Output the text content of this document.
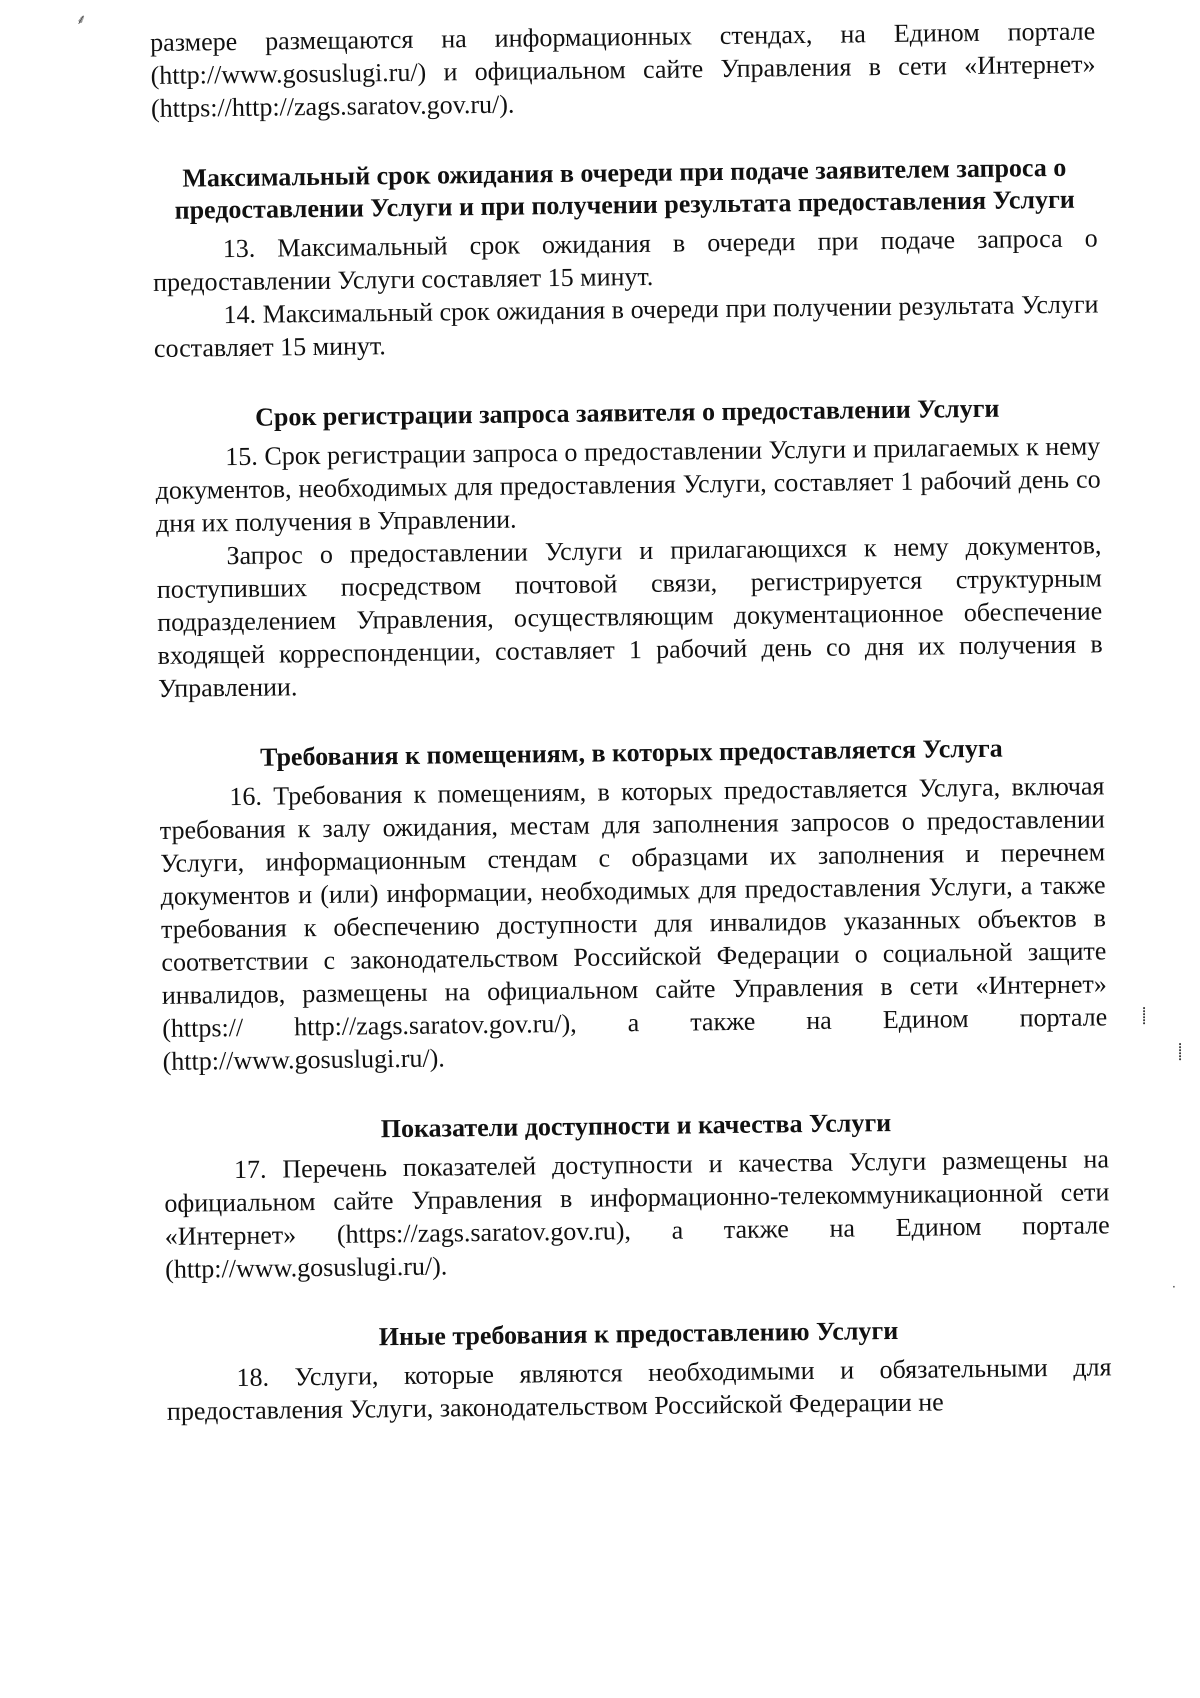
⸙
⸽
⸽
·

размере размещаются на информационных стендах, на Едином портале (http://www.gosuslugi.ru/) и официальном сайте Управления в сети «Интернет» (https://http://zags.saratov.gov.ru/).

Максимальный срок ожидания в очереди при подаче заявителем запроса о предоставлении Услуги и при получении результата предоставления Услуги

13. Максимальный срок ожидания в очереди при подаче запроса о предоставлении Услуги составляет 15 минут.

14. Максимальный срок ожидания в очереди при получении результата Услуги составляет 15 минут.

Срок регистрации запроса заявителя о предоставлении Услуги

15. Срок регистрации запроса о предоставлении Услуги и прилагаемых к нему документов, необходимых для предоставления Услуги, составляет 1 рабочий день со дня их получения в Управлении.

Запрос о предоставлении Услуги и прилагающихся к нему документов, поступивших посредством почтовой связи, регистрируется структурным подразделением Управления, осуществляющим документационное обеспечение входящей корреспонденции, составляет 1 рабочий день со дня их получения в Управлении.

Требования к помещениям, в которых предоставляется Услуга

16. Требования к помещениям, в которых предоставляется Услуга, включая требования к залу ожидания, местам для заполнения запросов о предоставлении Услуги, информационным стендам с образцами их заполнения и перечнем документов и (или) информации, необходимых для предоставления Услуги, а также требования к обеспечению доступности для инвалидов указанных объектов в соответствии с законодательством Российской Федерации о социальной защите инвалидов, размещены на официальном сайте Управления в сети «Интернет» (https:// http://zags.saratov.gov.ru/), а также на Едином портале (http://www.gosuslugi.ru/).

Показатели доступности и качества Услуги

17. Перечень показателей доступности и качества Услуги размещены на официальном сайте Управления в информационно-телекоммуникационной сети «Интернет» (https://zags.saratov.gov.ru), а также на Едином портале (http://www.gosuslugi.ru/).

Иные требования к предоставлению Услуги

18. Услуги, которые являются необходимыми и обязательными для предоставления Услуги, законодательством Российской Федерации не
